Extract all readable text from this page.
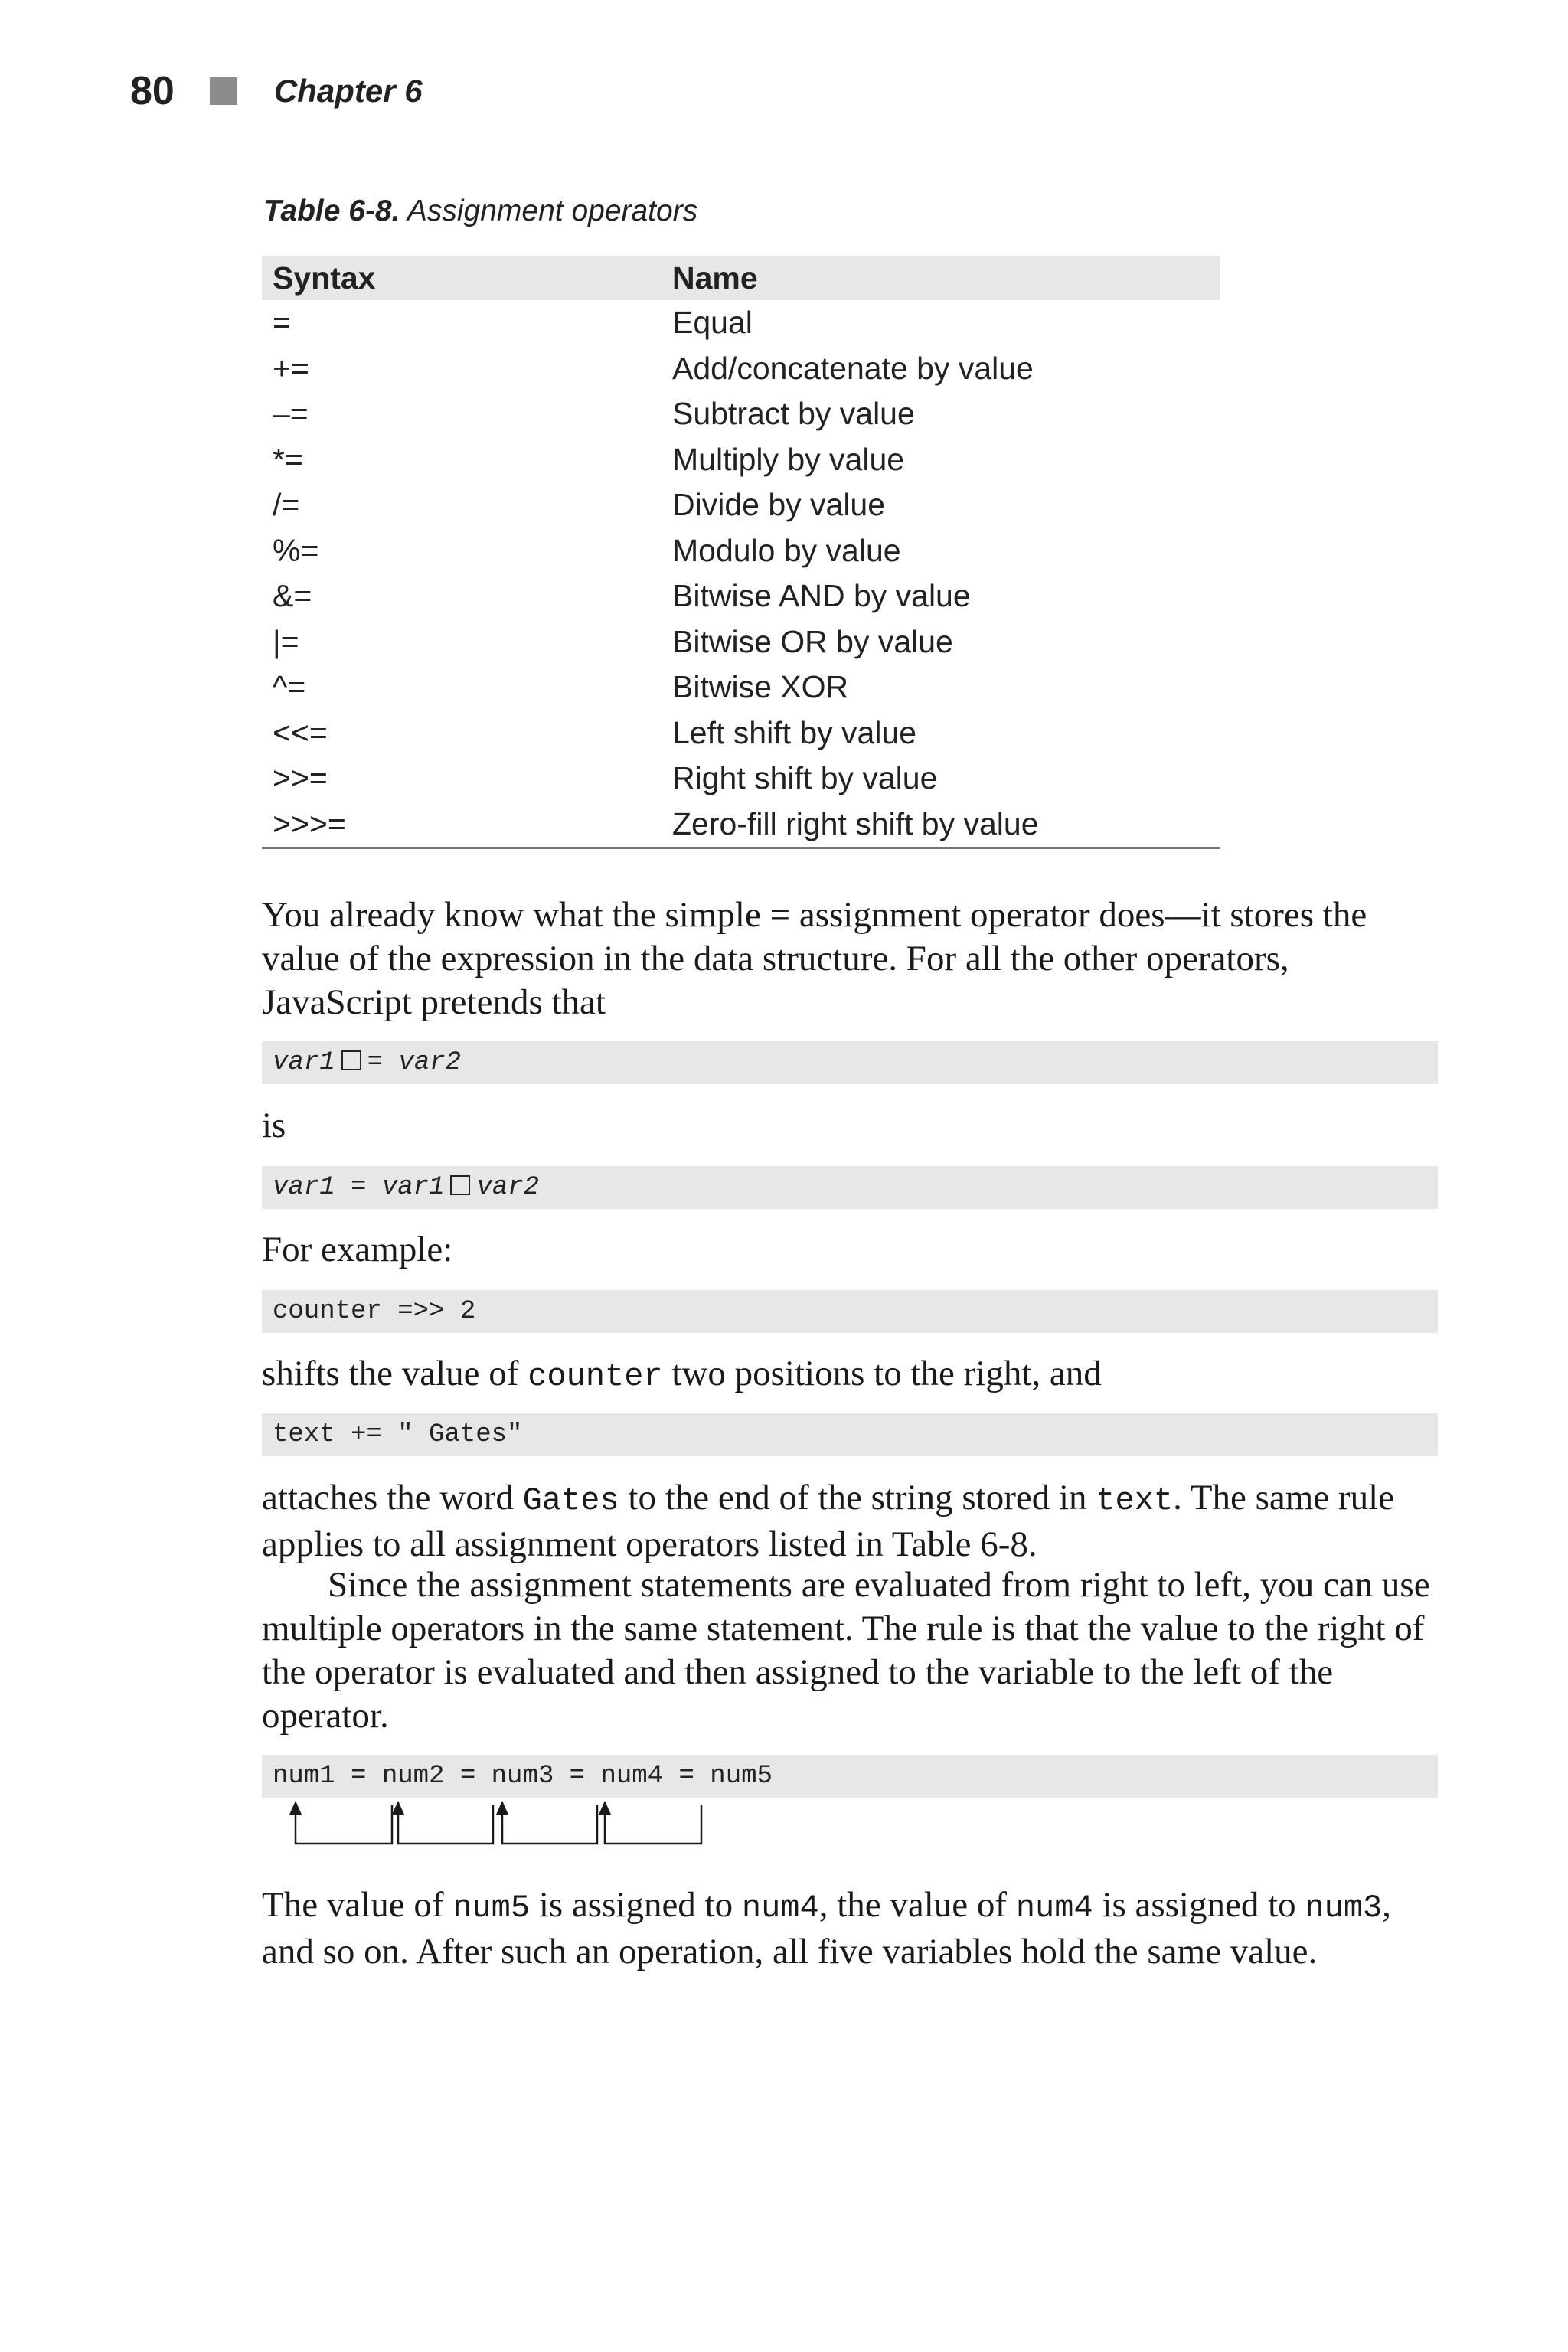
80	Chapter 6
Table 6-8. Assignment operators
Syntax	Name
=	Equal
+=	Add/concatenate by value
–=	Subtract by value
*=	Multiply by value
/=	Divide by value
%=	Modulo by value
&=	Bitwise AND by value
|=	Bitwise OR by value
^=	Bitwise XOR
<<=	Left shift by value
>>=	Right shift by value
>>>=	Zero-fill right shift by value

You already know what the simple = assignment operator does—it stores the value of the expression in the data structure. For all the other operators, JavaScript pretends that

var1 = var2

is

var1 = var1 var2

For example:

counter =>> 2

shifts the value of counter two positions to the right, and

text += " Gates"

attaches the word Gates to the end of the string stored in text. The same rule applies to all assignment operators listed in Table 6-8.

Since the assignment statements are evaluated from right to left, you can use multiple operators in the same statement. The rule is that the value to the right of the operator is evaluated and then assigned to the variable to the left of the operator.

num1 = num2 = num3 = num4 = num5

The value of num5 is assigned to num4, the value of num4 is assigned to num3, and so on. After such an operation, all five variables hold the same value.
